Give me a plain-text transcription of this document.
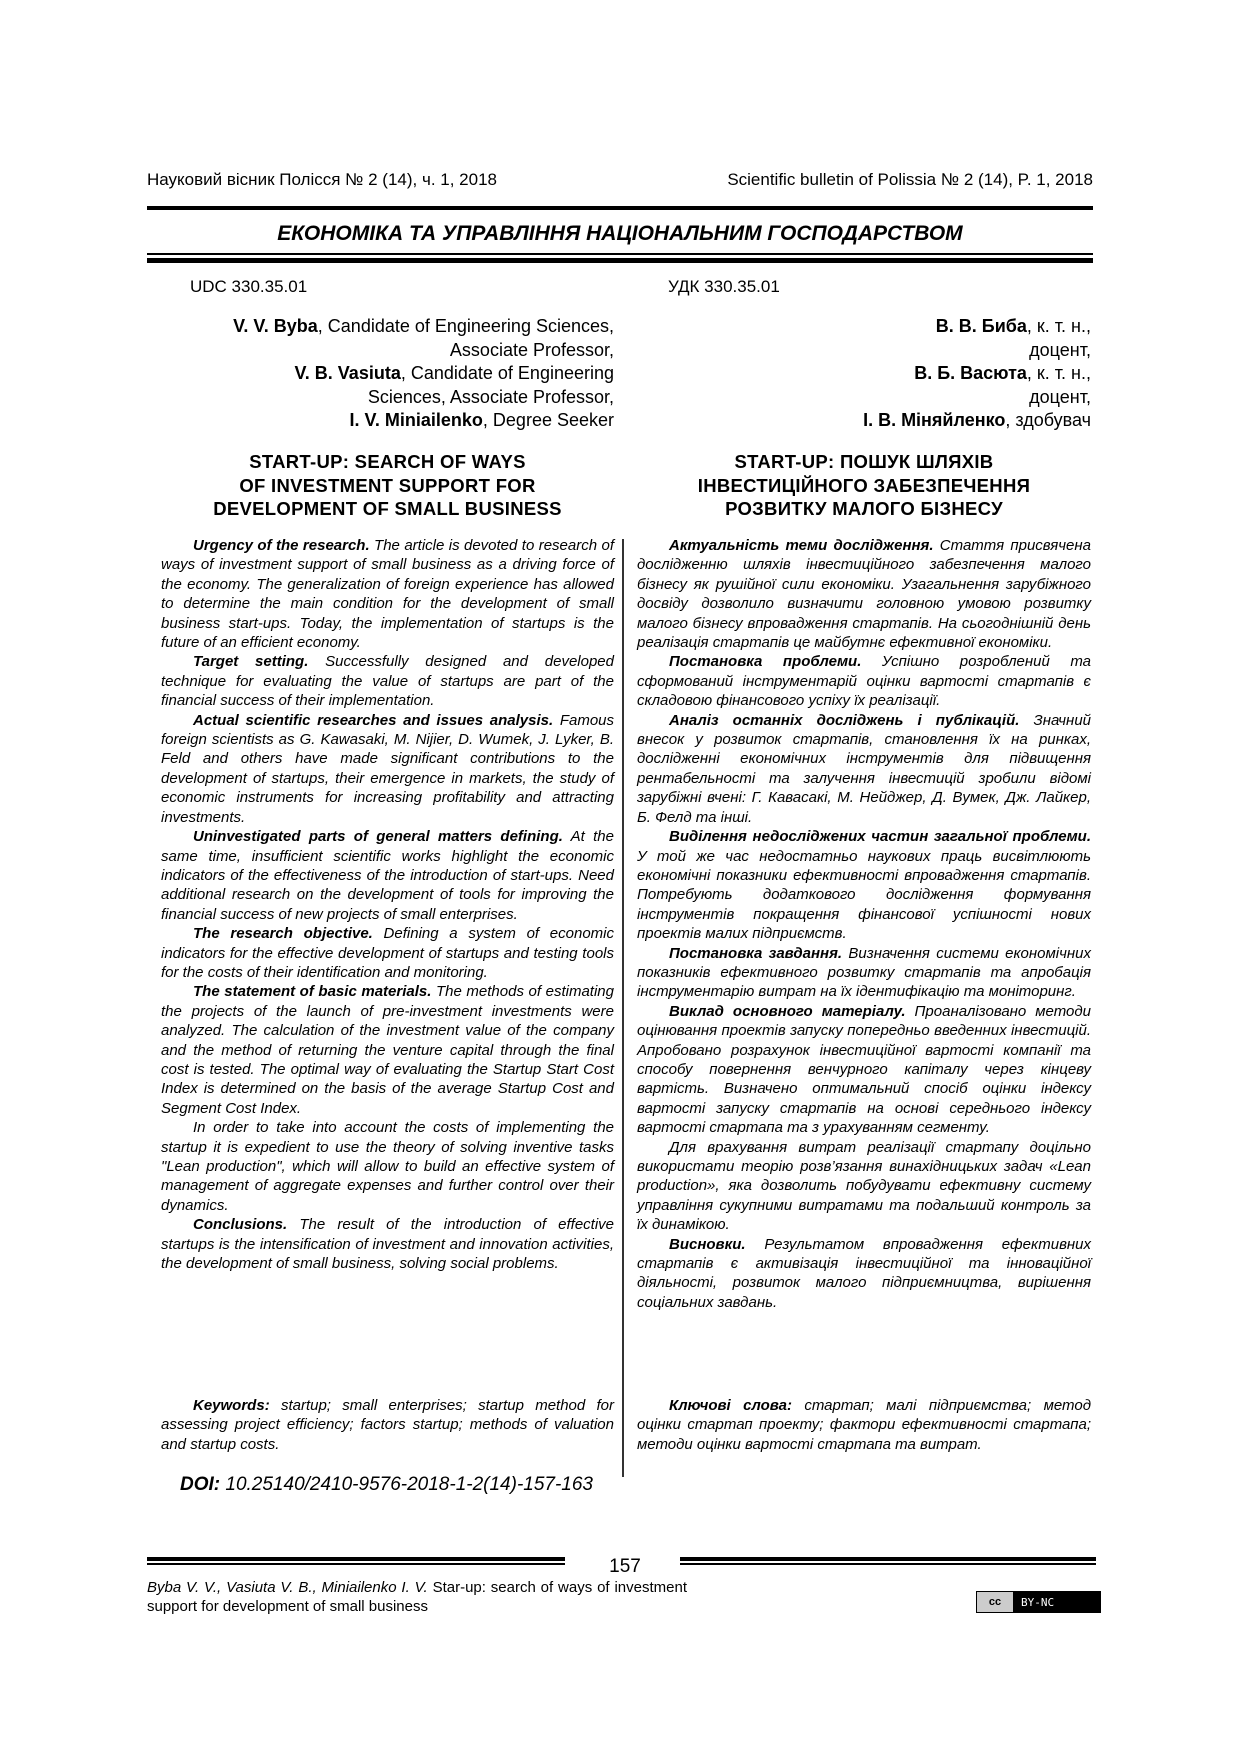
Науковий вісник Полісся № 2 (14), ч. 1, 2018	Scientific bulletin of Polissia № 2 (14), P. 1, 2018
ЕКОНОМІКА ТА УПРАВЛІННЯ НАЦІОНАЛЬНИМ ГОСПОДАРСТВОМ
UDC 330.35.01	УДК 330.35.01
V. V. Byba, Candidate of Engineering Sciences,
Associate Professor,
V. B. Vasiuta, Candidate of Engineering
Sciences, Associate Professor,
I. V. Miniailenko, Degree Seeker
В. В. Биба, к. т. н.,
доцент,
В. Б. Васюта, к. т. н.,
доцент,
І. В. Міняйленко, здобувач
START-UP: SEARCH OF WAYS
OF INVESTMENT SUPPORT FOR
DEVELOPMENT OF SMALL BUSINESS
START-UP: ПОШУК ШЛЯХІВ
ІНВЕСТИЦІЙНОГО ЗАБЕЗПЕЧЕННЯ
РОЗВИТКУ МАЛОГО БІЗНЕСУ

Urgency of the research. The article is devoted to research of ways of investment support of small business as a driving force of the economy. The generalization of foreign experience has allowed to determine the main condition for the development of small business start-ups. Today, the implementation of startups is the future of an efficient economy.

Target setting. Successfully designed and developed technique for evaluating the value of startups are part of the financial success of their implementation.

Actual scientific researches and issues analysis. Famous foreign scientists as G. Kawasaki, M. Nijier, D. Wumek, J. Lyker, B. Feld and others have made significant contributions to the development of startups, their emergence in markets, the study of economic instruments for increasing profitability and attracting investments.

Uninvestigated parts of general matters defining. At the same time, insufficient scientific works highlight the economic indicators of the effectiveness of the introduction of start-ups. Need additional research on the development of tools for improving the financial success of new projects of small enterprises.

The research objective. Defining a system of economic indicators for the effective development of startups and testing tools for the costs of their identification and monitoring.

The statement of basic materials. The methods of estimating the projects of the launch of pre-investment investments were analyzed. The calculation of the investment value of the company and the method of returning the venture capital through the final cost is tested. The optimal way of evaluating the Startup Start Cost Index is determined on the basis of the average Startup Cost and Segment Cost Index.

In order to take into account the costs of implementing the startup it is expedient to use the theory of solving inventive tasks "Lean production", which will allow to build an effective system of management of aggregate expenses and further control over their dynamics.

Conclusions. The result of the introduction of effective startups is the intensification of investment and innovation activities, the development of small business, solving social problems.

Keywords: startup; small enterprises; startup method for assessing project efficiency; factors startup; methods of valuation and startup costs.

Актуальність теми дослідження. Стаття присвячена дослідженню шляхів інвестиційного забезпечення малого бізнесу як рушійної сили економіки. Узагальнення зарубіжного досвіду дозволило визначити головною умовою розвитку малого бізнесу впровадження стартапів. На сьогоднішній день реалізація стартапів це майбутнє ефективної економіки.

Постановка проблеми. Успішно розроблений та сформований інструментарій оцінки вартості стартапів є складовою фінансового успіху їх реалізації.

Аналіз останніх досліджень і публікацій. Значний внесок у розвиток стартапів, становлення їх на ринках, дослідженні економічних інструментів для підвищення рентабельності та залучення інвестицій зробили відомі зарубіжні вчені: Г. Кавасакі, М. Нейджер, Д. Вумек, Дж. Лайкер, Б. Фелд та інші.

Виділення недосліджених частин загальної проблеми. У той же час недостатньо наукових праць висвітлюють економічні показники ефективності впровадження стартапів. Потребують додаткового дослідження формування інструментів покращення фінансової успішності нових проектів малих підприємств.

Постановка завдання. Визначення системи економічних показників ефективного розвитку стартапів та апробація інструментарію витрат на їх ідентифікацію та моніторинг.

Виклад основного матеріалу. Проаналізовано методи оцінювання проектів запуску попередньо введенних інвестицій. Апробовано розрахунок інвестиційної вартості компанії та способу повернення венчурного капіталу через кінцеву вартість. Визначено оптимальний спосіб оцінки індексу вартості запуску стартапів на основі середнього індексу вартості стартапа та з урахуванням сегменту.

Для врахування витрат реалізації стартапу доцільно використати теорію розв’язання винахідницьких задач «Lean production», яка дозволить побудувати ефективну систему управління сукупними витратами та подальший контроль за їх динамікою.

Висновки. Результатом впровадження ефективних стартапів є активізація інвестиційної та інноваційної діяльності, розвиток малого підприємництва, вирішення соціальних завдань.

Ключові слова: стартап; малі підприємства; метод оцінки стартап проекту; фактори ефективності стартапа; методи оцінки вартості стартапа та витрат.

DOI: 10.25140/2410-9576-2018-1-2(14)-157-163
157
Byba V. V., Vasiuta V. B., Miniailenko I. V. Star-up: search of ways of investment support for development of small business	cc	BY-NC
